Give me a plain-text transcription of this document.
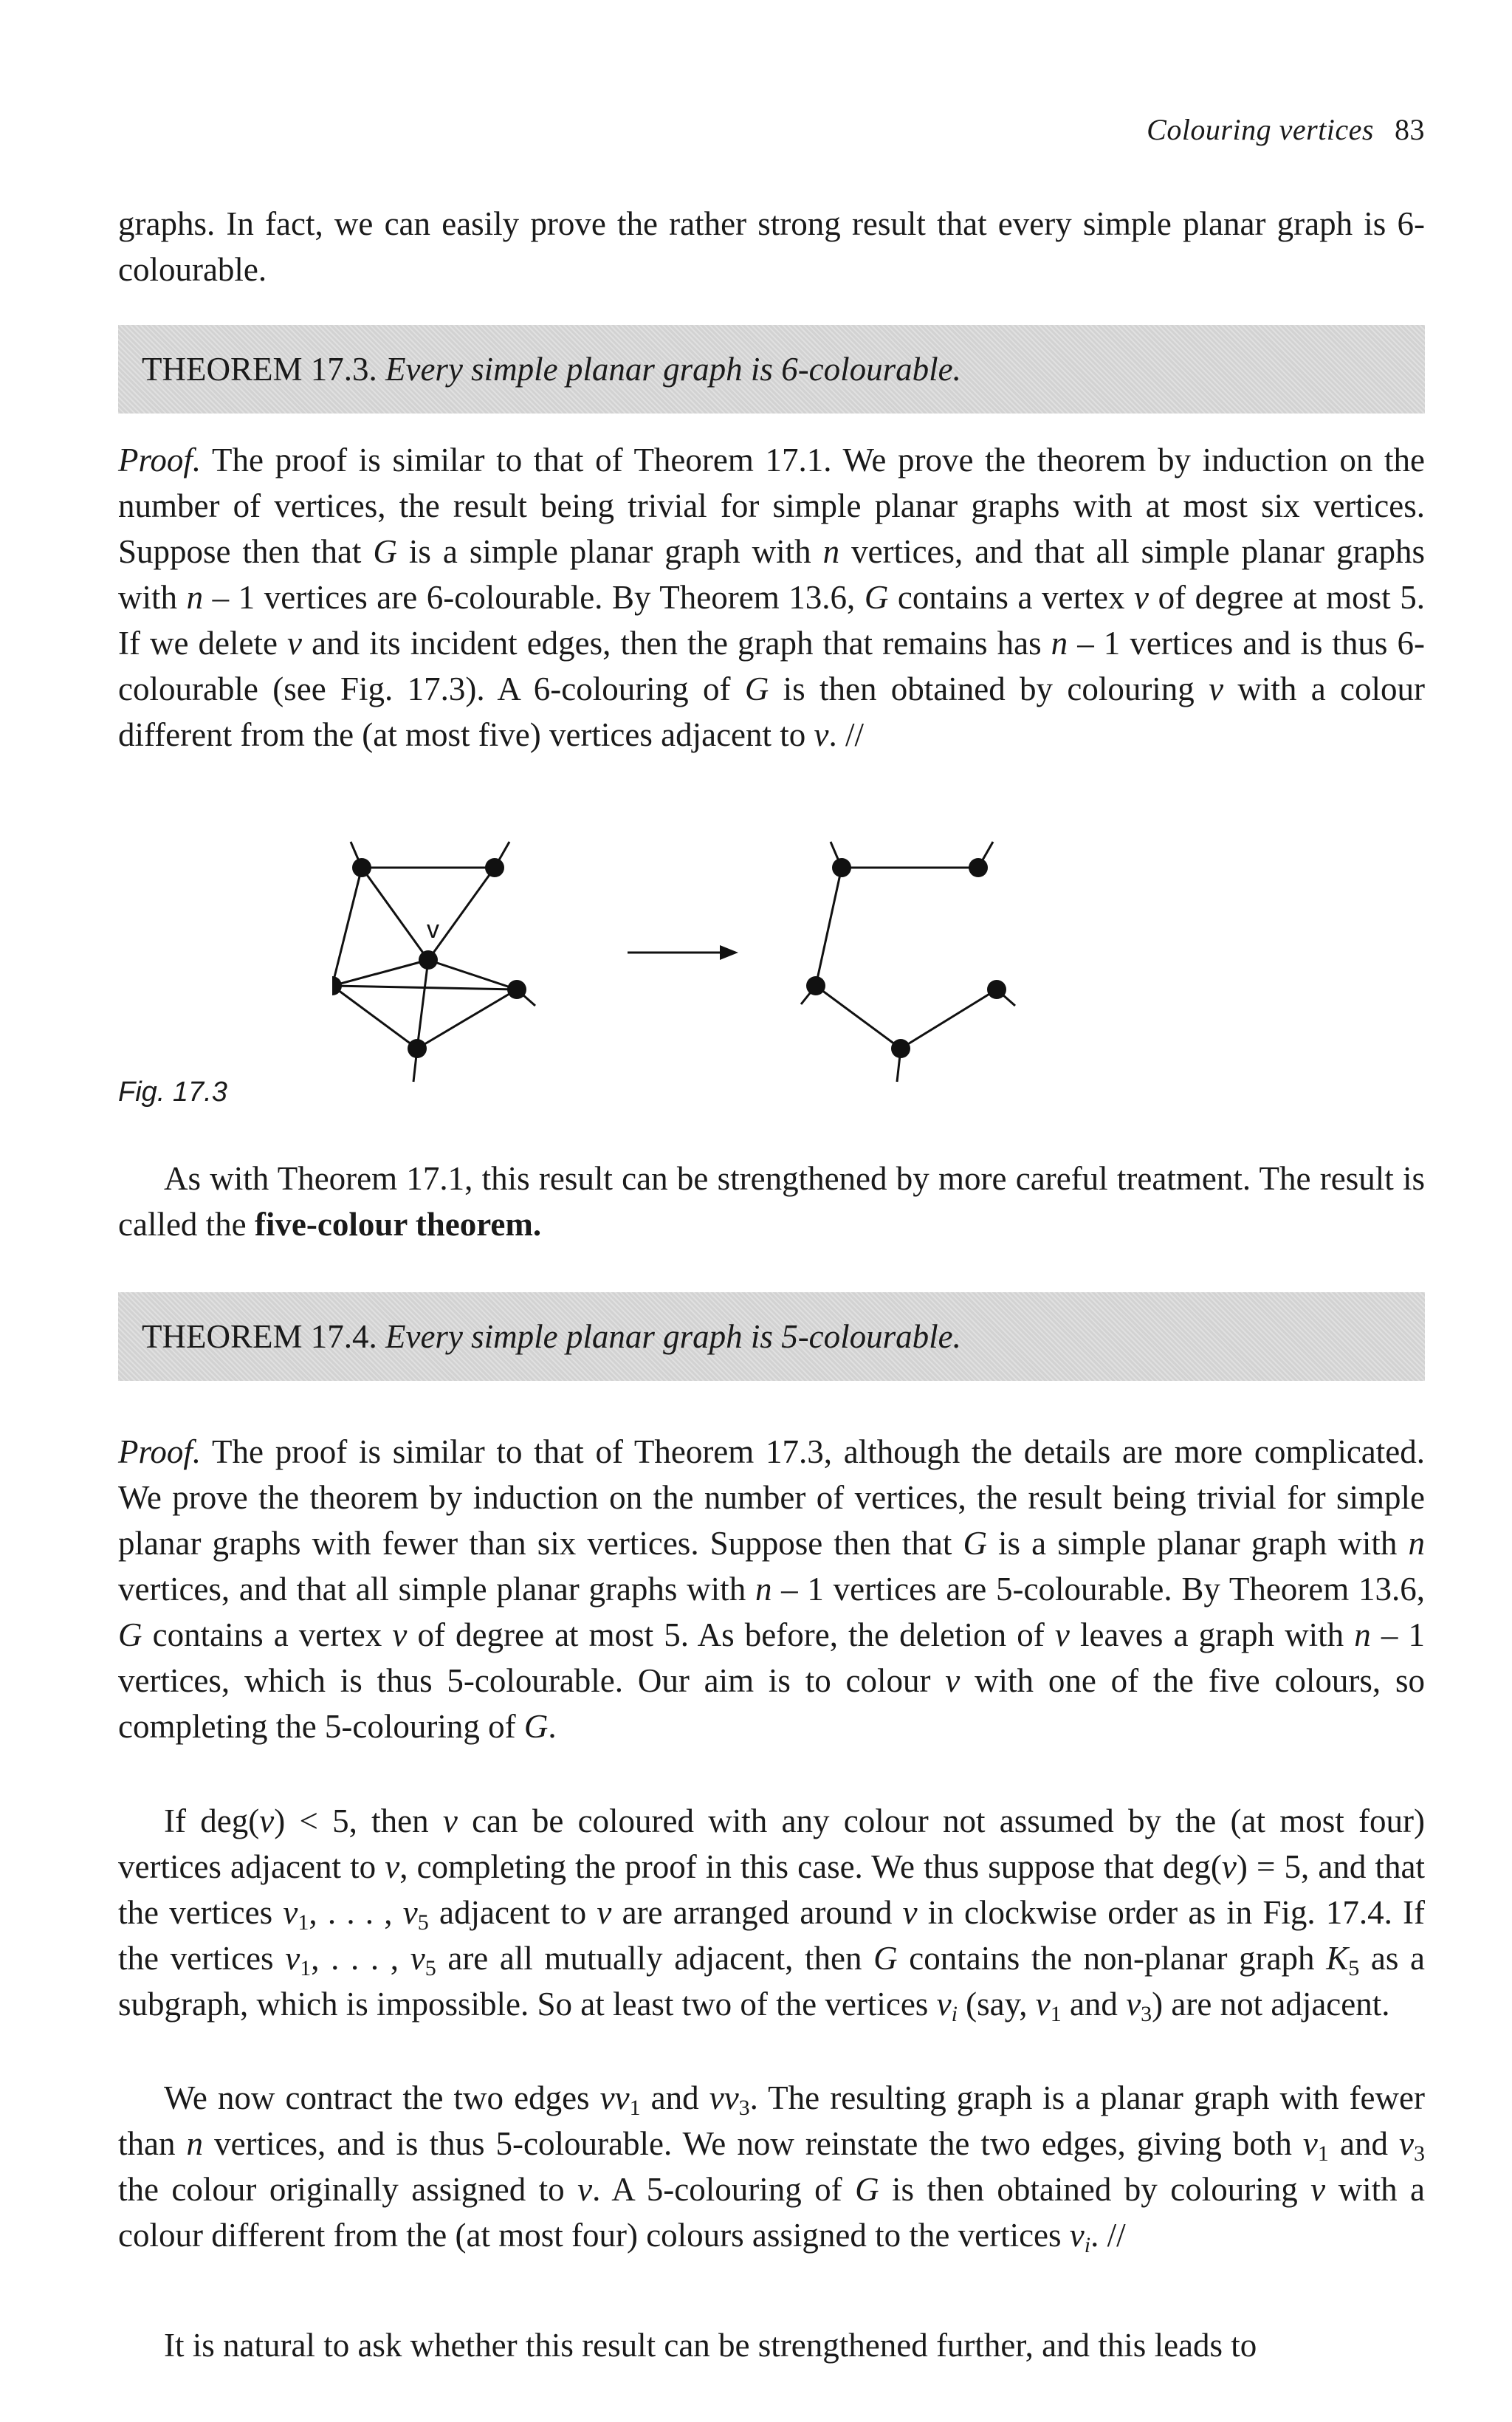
Colouring vertices 83

graphs. In fact, we can easily prove the rather strong result that every simple planar graph is 6-colourable.

THEOREM 17.3. Every simple planar graph is 6-colourable.

Proof. The proof is similar to that of Theorem 17.1. We prove the theorem by induction on the number of vertices, the result being trivial for simple planar graphs with at most six vertices. Suppose then that G is a simple planar graph with n vertices, and that all simple planar graphs with n – 1 vertices are 6-colourable. By Theorem 13.6, G contains a vertex v of degree at most 5. If we delete v and its incident edges, then the graph that remains has n – 1 vertices and is thus 6-colourable (see Fig. 17.3). A 6-colouring of G is then obtained by colouring v with a colour different from the (at most five) vertices adjacent to v. //

v
Fig. 17.3

As with Theorem 17.1, this result can be strengthened by more careful treatment. The result is called the five-colour theorem.

THEOREM 17.4. Every simple planar graph is 5-colourable.

Proof. The proof is similar to that of Theorem 17.3, although the details are more complicated. We prove the theorem by induction on the number of vertices, the result being trivial for simple planar graphs with fewer than six vertices. Suppose then that G is a simple planar graph with n vertices, and that all simple planar graphs with n – 1 vertices are 5-colourable. By Theorem 13.6, G contains a vertex v of degree at most 5. As before, the deletion of v leaves a graph with n – 1 vertices, which is thus 5-colourable. Our aim is to colour v with one of the five colours, so completing the 5-colouring of G.

If deg(v) < 5, then v can be coloured with any colour not assumed by the (at most four) vertices adjacent to v, completing the proof in this case. We thus suppose that deg(v) = 5, and that the vertices $v_1$, . . . , $v_5$ adjacent to v are arranged around v in clockwise order as in Fig. 17.4. If the vertices $v_1$, . . . , $v_5$ are all mutually adjacent, then G contains the non-planar graph $K_5$ as a subgraph, which is impossible. So at least two of the vertices $v_i$ (say, $v_1$ and $v_3$) are not adjacent.

We now contract the two edges $vv_1$ and $vv_3$. The resulting graph is a planar graph with fewer than n vertices, and is thus 5-colourable. We now reinstate the two edges, giving both $v_1$ and $v_3$ the colour originally assigned to v. A 5-colouring of G is then obtained by colouring v with a colour different from the (at most four) colours assigned to the vertices $v_i$. //

It is natural to ask whether this result can be strengthened further, and this leads to
